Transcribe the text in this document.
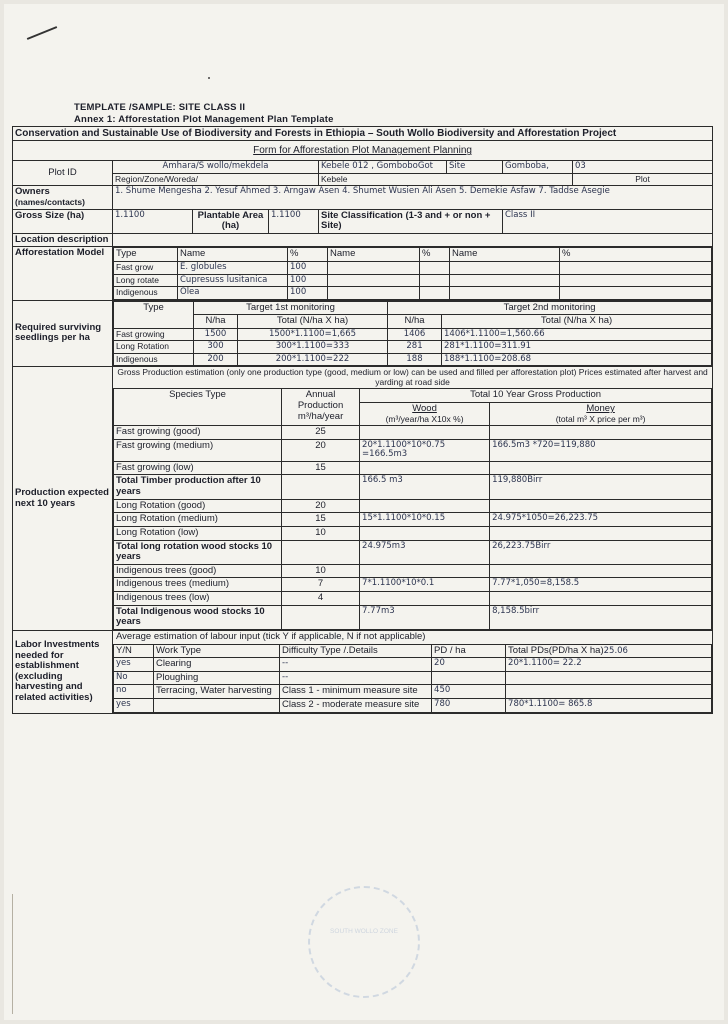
TEMPLATE /SAMPLE: SITE CLASS II
Annex 1: Afforestation Plot Management Plan Template
Conservation and Sustainable Use of Biodiversity and Forests in Ethiopia – South Wollo Biodiversity and Afforestation Project
Form for Afforestation Plot Management Planning
Plot ID	Amhara/S wollo/mekdela	Kebele 012 , GomboboGot	Site	Gomboba,	03
Region/Zone/Woreda/	Kebele	Plot

Owners
(names/contacts)
	1. Shume Mengesha 2. Yesuf Ahmed 3. Arngaw Asen 4. Shumet Wusien Ali Asen 5. Demekie Asfaw 7. Taddse Asegie
Gross Size (ha)	1.1100	Plantable Area (ha)	1.1100	Site Classification (1-3 and + or non + Site)	Class II
Location description	
Afforestation Model	Type	Name	%	Name	%	Name	%
Fast grow	E. globules	100				
Long rotate	Cupresuss lusitanica	100				
Indigenous	Olea	100				

Required surviving seedlings per ha	
Type	Target 1st monitoring	Target 2nd monitoring
N/ha	Total (N/ha X ha)	N/ha	Total (N/ha X ha)
Fast growing	1500	1500*1.1100=1,665	1406	1406*1.1100=1,560.66
Long Rotation	300	300*1.1100=333	281	281*1.1100=311.91
Indigenous	200	200*1.1100=222	188	188*1.1100=208.68

Production expected next 10 years	
Gross Production estimation (only one production type (good, medium or low) can be used and filled per afforestation plot) Prices estimated after harvest and yarding at road side
Species Type	Annual Production m³/ha/year	Total 10 Year Gross Production

Wood
(m³/year/ha X10x %)

Money
(total m³ X price per m³)

Fast growing (good)	25		
Fast growing (medium)	20	20*1.1100*10*0.75 =166.5m3	166.5m3 *720=119,880
Fast growing (low)	15		
Total Timber production after 10 years		166.5 m3	119,880Birr
Long Rotation (good)	20		
Long Rotation (medium)	15	15*1.1100*10*0.15	24.975*1050=26,223.75
Long Rotation (low)	10		
Total long rotation wood stocks 10 years		24.975m3	26,223.75Birr
Indigenous trees (good)	10		
Indigenous trees (medium)	7	7*1.1100*10*0.1	7.77*1,050=8,158.5
Indigenous trees (low)	4		
Total Indigenous wood stocks 10 years		7.77m3	8,158.5birr

Labor Investments needed for establishment (excluding harvesting and related activities)	
Average estimation of labour input (tick Y if applicable, N if not applicable)
Y/N	Work Type	Difficulty Type /.Details	PD / ha	Total PDs(PD/ha X ha)25.06
yes	Clearing	--	20	20*1.1100= 22.2
No	Ploughing	--		
no	Terracing, Water harvesting	Class 1 - minimum measure site	450	
yes		Class 2 - moderate measure site	780	780*1.1100= 865.8
SOUTH WOLLO ZONE
